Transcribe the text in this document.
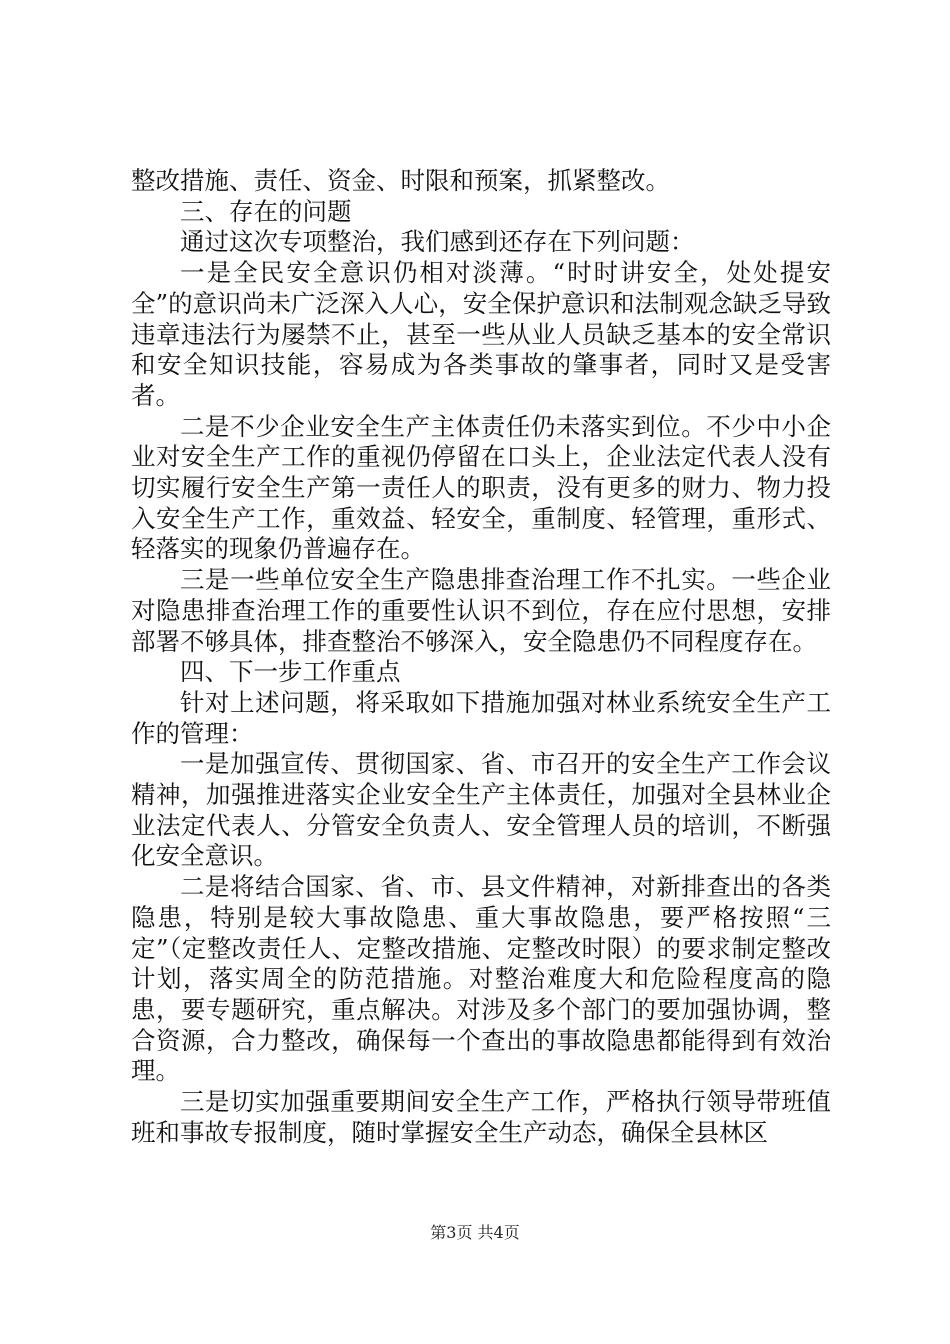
整改措施、责任、资金、时限和预案，抓紧整改。

三、存在的问题

通过这次专项整治，我们感到还存在下列问题：

一是全民安全意识仍相对淡薄。“时时讲安全，处处提安全”的意识尚未广泛深入人心，安全保护意识和法制观念缺乏导致违章违法行为屡禁不止，甚至一些从业人员缺乏基本的安全常识和安全知识技能，容易成为各类事故的肇事者，同时又是受害者。

二是不少企业安全生产主体责任仍未落实到位。不少中小企业对安全生产工作的重视仍停留在口头上，企业法定代表人没有切实履行安全生产第一责任人的职责，没有更多的财力、物力投入安全生产工作，重效益、轻安全，重制度、轻管理，重形式、轻落实的现象仍普遍存在。

三是一些单位安全生产隐患排查治理工作不扎实。一些企业对隐患排查治理工作的重要性认识不到位，存在应付思想，安排部署不够具体，排查整治不够深入，安全隐患仍不同程度存在。

四、下一步工作重点

针对上述问题，将采取如下措施加强对林业系统安全生产工作的管理：

一是加强宣传、贯彻国家、省、市召开的安全生产工作会议精神，加强推进落实企业安全生产主体责任，加强对全县林业企业法定代表人、分管安全负责人、安全管理人员的培训，不断强化安全意识。

二是将结合国家、省、市、县文件精神，对新排查出的各类隐患，特别是较大事故隐患、重大事故隐患，要严格按照“三定”（定整改责任人、定整改措施、定整改时限）的要求制定整改计划，落实周全的防范措施。对整治难度大和危险程度高的隐患，要专题研究，重点解决。对涉及多个部门的要加强协调，整合资源，合力整改，确保每一个查出的事故隐患都能得到有效治理。

三是切实加强重要期间安全生产工作，严格执行领导带班值班和事故专报制度，随时掌握安全生产动态，确保全县林区

第3页 共4页
